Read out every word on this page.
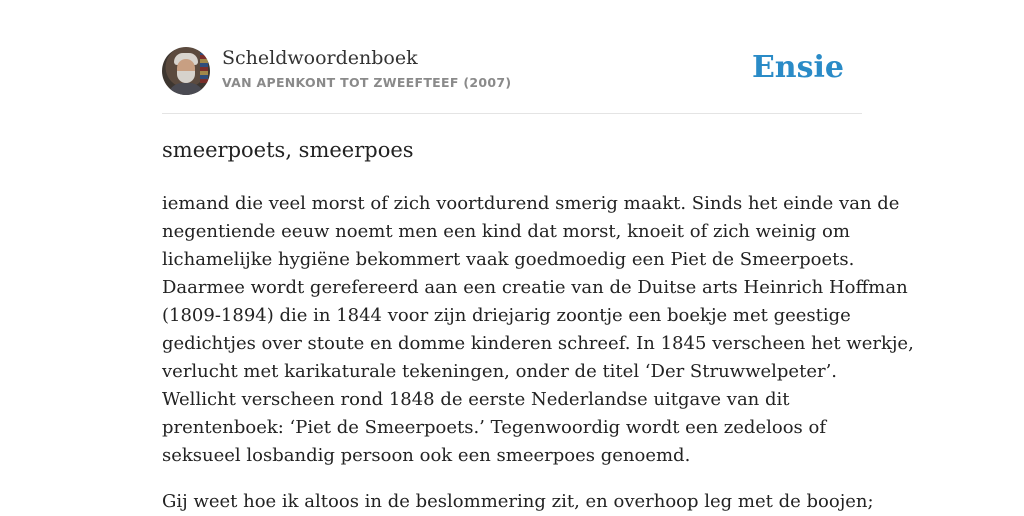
Scheldwoordenboek
VAN APENKONT TOT ZWEEFTEEF (2007)	Ensie
smeerpoets, smeerpoes

iemand die veel morst of zich voortdurend smerig maakt. Sinds het einde van de
negentiende eeuw noemt men een kind dat morst, knoeit of zich weinig om
lichamelijke hygiëne bekommert vaak goedmoedig een Piet de Smeerpoets.
Daarmee wordt gerefereerd aan een creatie van de Duitse arts Heinrich Hoffman
(1809-1894) die in 1844 voor zijn driejarig zoontje een boekje met geestige
gedichtjes over stoute en domme kinderen schreef. In 1845 verscheen het werkje,
verlucht met karikaturale tekeningen, onder de titel ‘Der Struwwelpeter’.
Wellicht verscheen rond 1848 de eerste Nederlandse uitgave van dit
prentenboek: ‘Piet de Smeerpoets.’ Tegenwoordig wordt een zedeloos of
seksueel losbandig persoon ook een smeerpoes genoemd.

Gij weet hoe ik altoos in de beslommering zit, en overhoop leg met de boojen;
